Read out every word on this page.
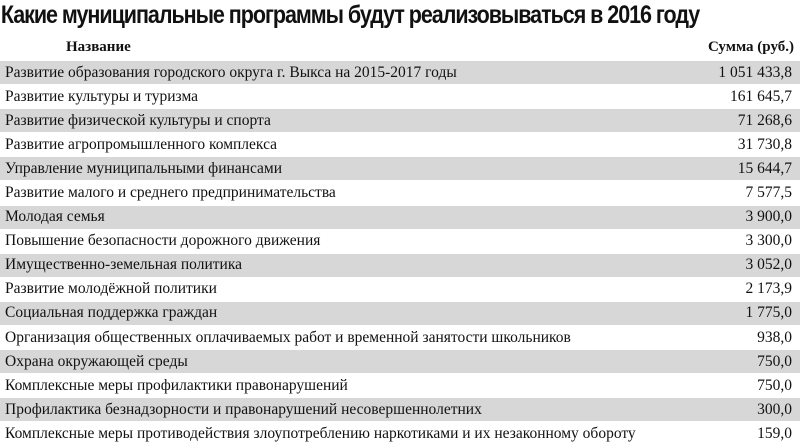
Какие муниципальные программы будут реализовываться в 2016 году
Название	Сумма (руб.)
Развитие образования городского округа г. Выкса на 2015-2017 годы	1 051 433,8
Развитие культуры и туризма	161 645,7
Развитие физической культуры и спорта	71 268,6
Развитие агропромышленного комплекса	31 730,8
Управление муниципальными финансами	15 644,7
Развитие малого и среднего предпринимательства	7 577,5
Молодая семья	3 900,0
Повышение безопасности дорожного движения	3 300,0
Имущественно-земельная политика	3 052,0
Развитие молодёжной политики	2 173,9
Социальная поддержка граждан	1 775,0
Организация общественных оплачиваемых работ и временной занятости школьников	938,0
Охрана окружающей среды	750,0
Комплексные меры профилактики правонарушений	750,0
Профилактика безнадзорности и правонарушений несовершеннолетних	300,0
Комплексные меры противодействия злоупотреблению наркотиками и их незаконному обороту	159,0
